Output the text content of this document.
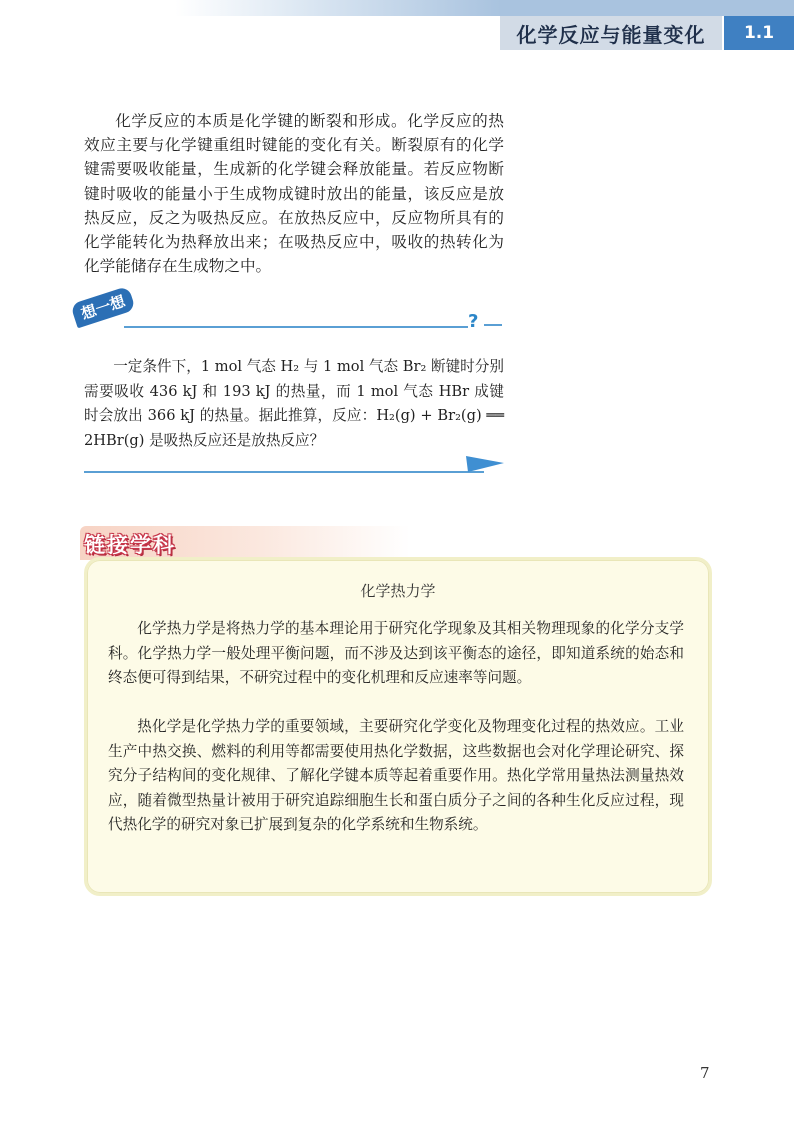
化学反应与能量变化	1.1

化学反应的本质是化学键的断裂和形成。化学反应的热效应主要与化学键重组时键能的变化有关。断裂原有的化学键需要吸收能量，生成新的化学键会释放能量。若反应物断键时吸收的能量小于生成物成键时放出的能量，该反应是放热反应，反之为吸热反应。在放热反应中，反应物所具有的化学能转化为热释放出来；在吸热反应中，吸收的热转化为化学能储存在生成物之中。

想一想	?

一定条件下，1 mol 气态 H₂ 与 1 mol 气态 Br₂ 断键时分别需要吸收 436 kJ 和 193 kJ 的热量，而 1 mol 气态 HBr 成键时会放出 366 kJ 的热量。据此推算，反应：H₂(g) + Br₂(g) ══ 2HBr(g) 是吸热反应还是放热反应？

链接学科
化学热力学

化学热力学是将热力学的基本理论用于研究化学现象及其相关物理现象的化学分支学科。化学热力学一般处理平衡问题，而不涉及达到该平衡态的途径，即知道系统的始态和终态便可得到结果，不研究过程中的变化机理和反应速率等问题。

热化学是化学热力学的重要领域，主要研究化学变化及物理变化过程的热效应。工业生产中热交换、燃料的利用等都需要使用热化学数据，这些数据也会对化学理论研究、探究分子结构间的变化规律、了解化学键本质等起着重要作用。热化学常用量热法测量热效应，随着微型热量计被用于研究追踪细胞生长和蛋白质分子之间的各种生化反应过程，现代热化学的研究对象已扩展到复杂的化学系统和生物系统。

7
